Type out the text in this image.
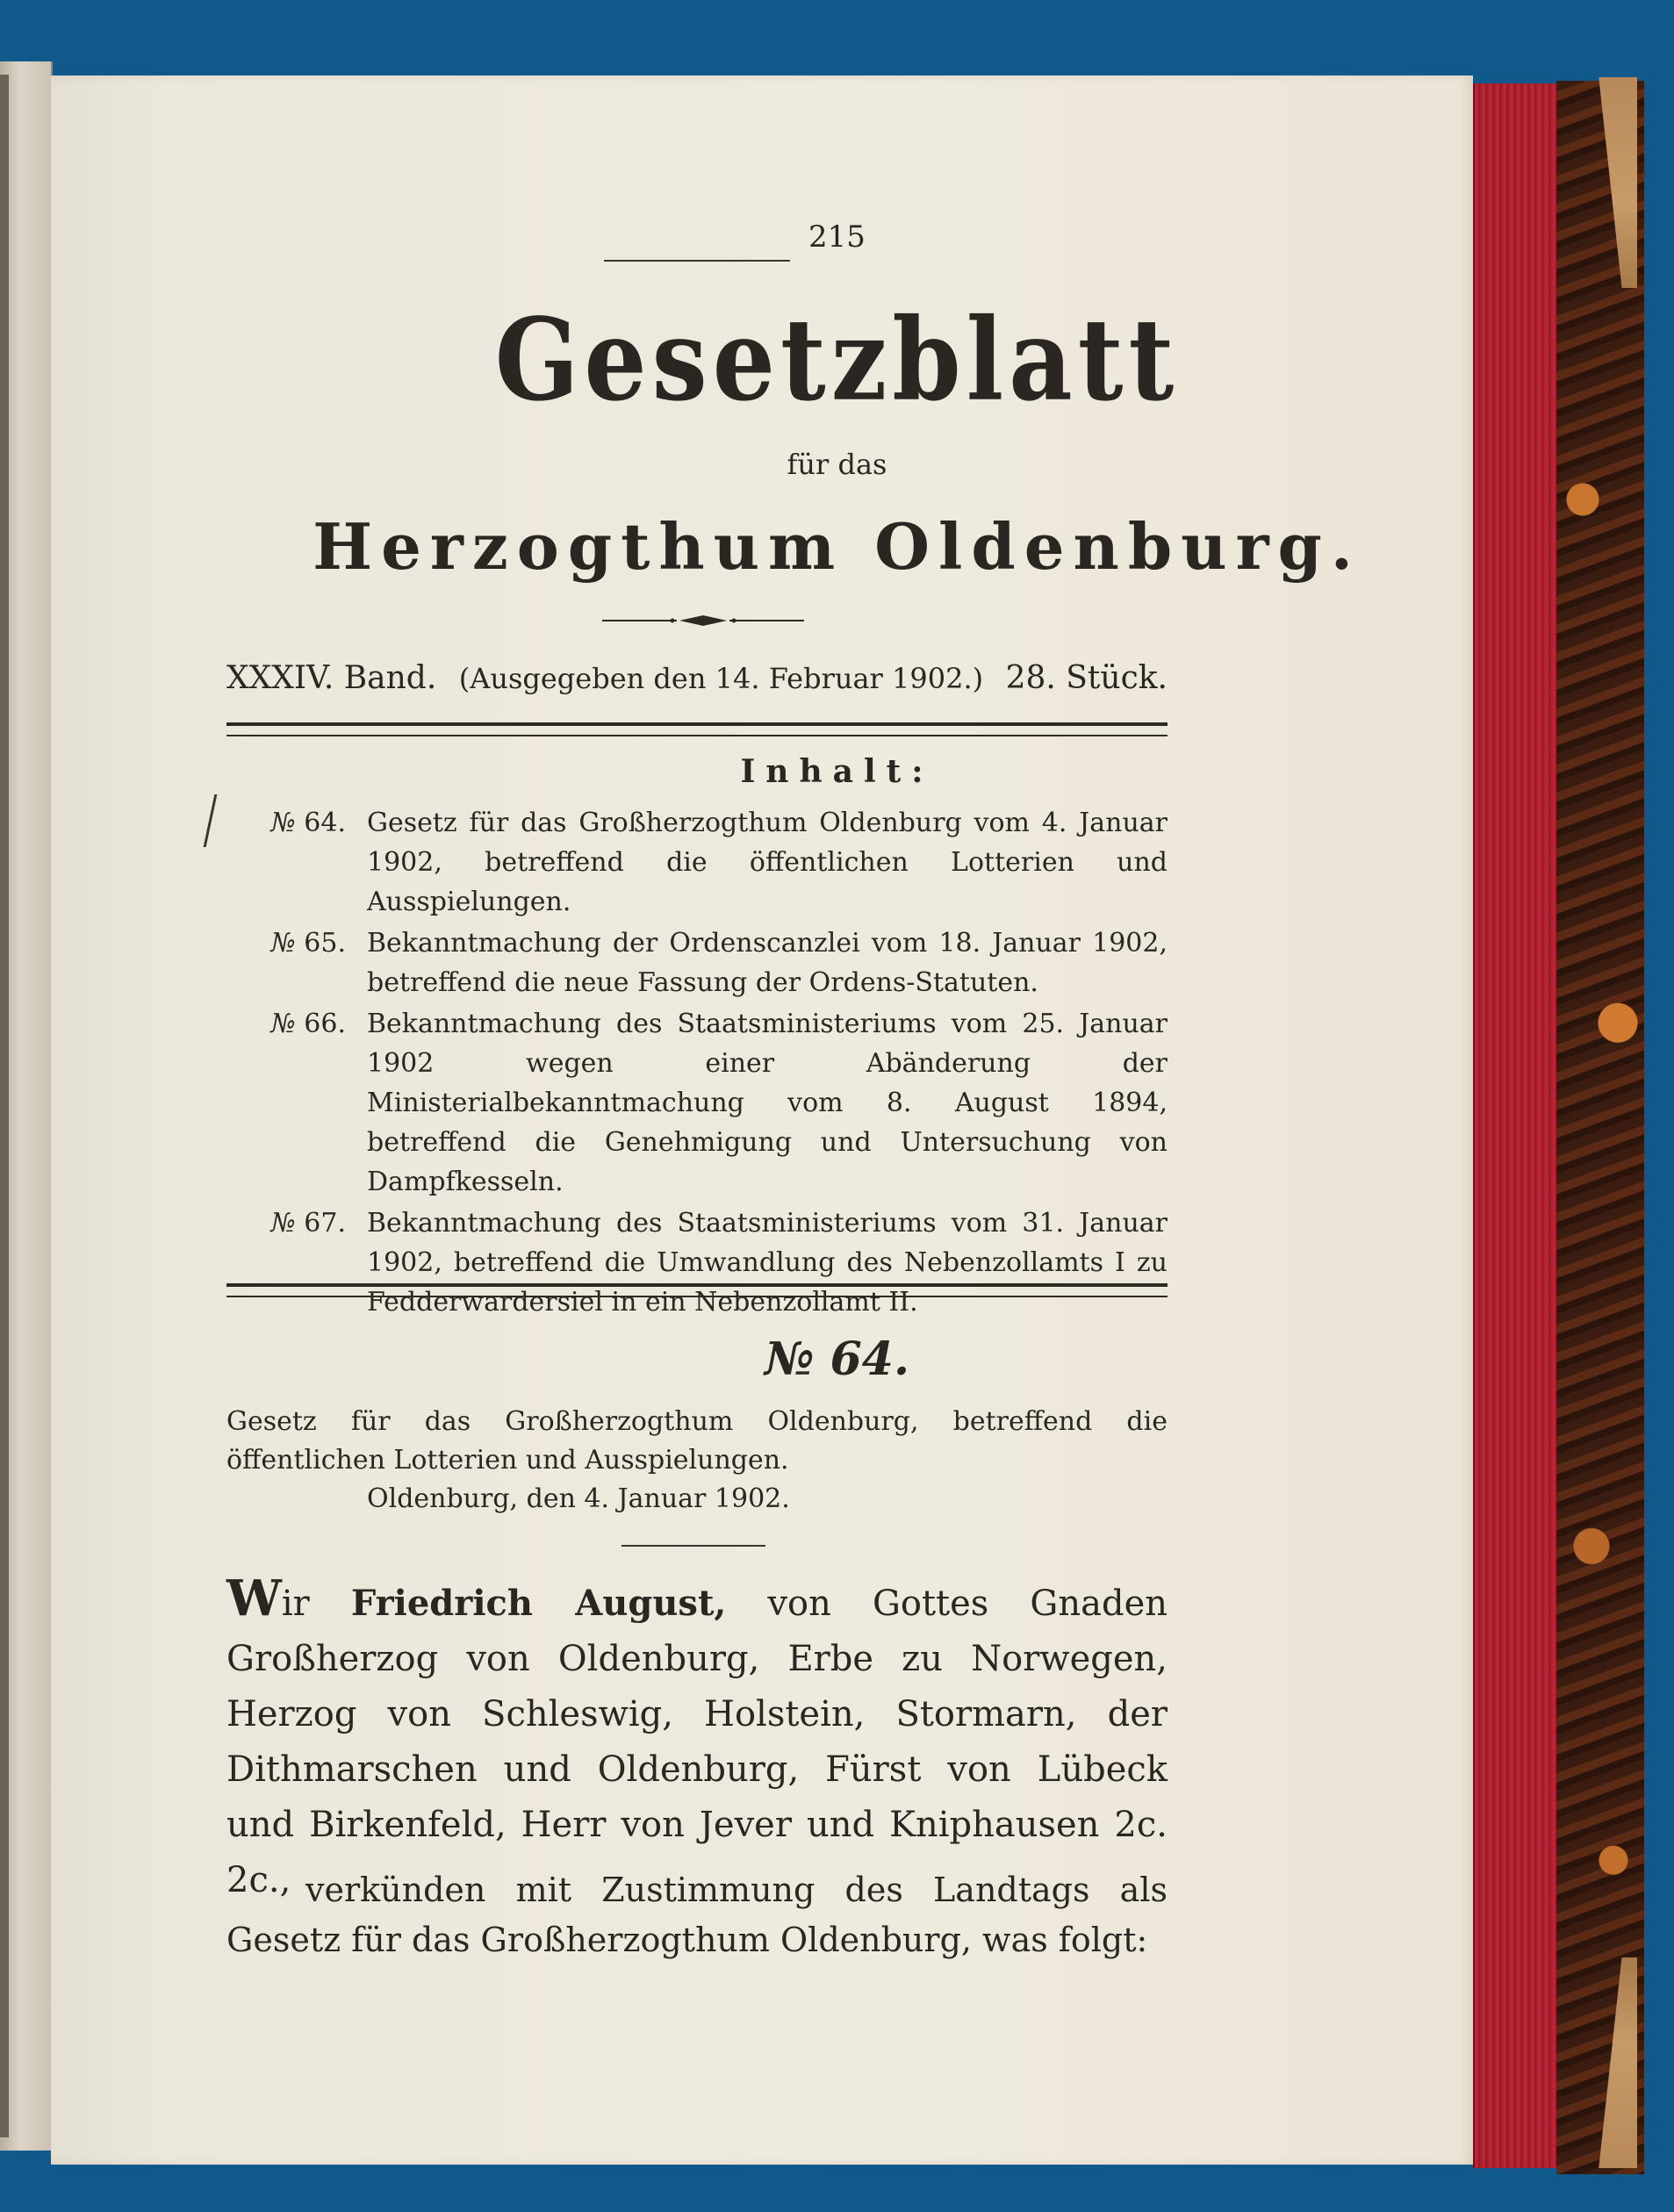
215
Gesetzblatt
für das
Herzogthum Oldenburg.
XXXIV. Band. (Ausgegeben den 14. Februar 1902.) 28. Stück.
Inhalt:
№ 64. Gesetz für das Großherzogthum Oldenburg vom 4. Januar 1902, betreffend die öffentlichen Lotterien und Ausspielungen.
№ 65. Bekanntmachung der Ordenscanzlei vom 18. Januar 1902, betreffend die neue Fassung der Ordens-Statuten.
№ 66. Bekanntmachung des Staatsministeriums vom 25. Januar 1902 wegen einer Abänderung der Ministerialbekanntmachung vom 8. August 1894, betreffend die Genehmigung und Untersuchung von Dampfkesseln.
№ 67. Bekanntmachung des Staatsministeriums vom 31. Januar 1902, betreffend die Umwandlung des Nebenzollamts I zu Fedderwardersiel in ein Nebenzollamt II.
№ 64.
Gesetz für das Großherzogthum Oldenburg, betreffend die öffentlichen Lotterien und Ausspielungen.
Oldenburg, den 4. Januar 1902.
Wir Friedrich August, von Gottes Gnaden Großherzog von Oldenburg, Erbe zu Norwegen, Herzog von Schleswig, Holstein, Stormarn, der Dithmarschen und Oldenburg, Fürst von Lübeck und Birkenfeld, Herr von Jever und Kniphausen 2c. 2c., verkünden mit Zustimmung des Landtags als Gesetz für das Großherzogthum Oldenburg, was folgt:
